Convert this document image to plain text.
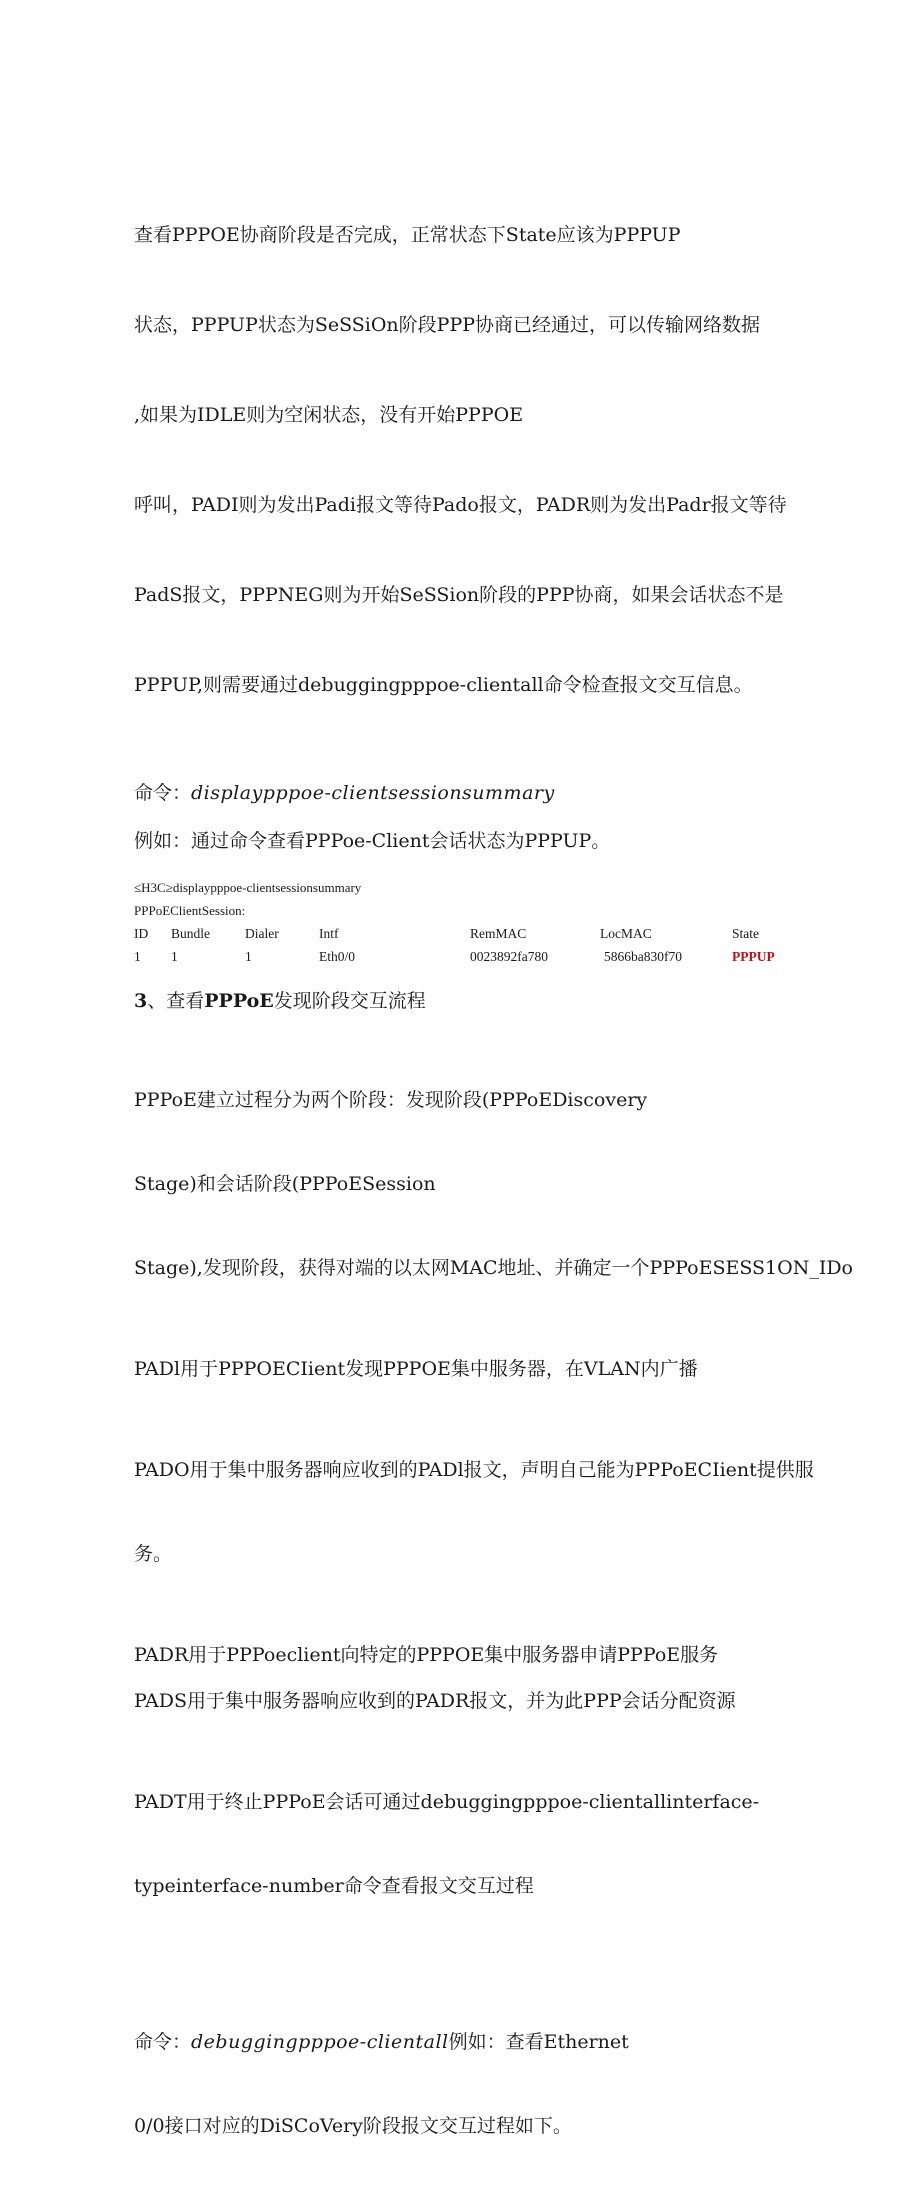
查看PPPOE协商阶段是否完成，正常状态下State应该为PPPUP

状态，PPPUP状态为SeSSiOn阶段PPP协商已经通过，可以传输网络数据

,如果为IDLE则为空闲状态，没有开始PPPOE

呼叫，PADI则为发出Padi报文等待Pado报文，PADR则为发出Padr报文等待

PadS报文，PPPNEG则为开始SeSSion阶段的PPP协商，如果会话状态不是

PPPUP,则需要通过debuggingpppoe-clientall命令检查报文交互信息。

命令：displaypppoe-clientsessionsummary

例如：通过命令查看PPPoe-Client会话状态为PPPUP。

≤H3C≥displaypppoe-clientsessionsummary
PPPoEClientSession:
ID	Bundle	Dialer	Intf	RemMAC	LocMAC	State
1	1	1	Eth0/0	0023892fa780	5866ba830f70	PPPUP

3、查看PPPoE发现阶段交互流程

PPPoE建立过程分为两个阶段：发现阶段(PPPoEDiscovery

Stage)和会话阶段(PPPoESession

Stage),发现阶段，获得对端的以太网MAC地址、并确定一个PPPoESESS1ON_IDo

PADl用于PPPOECIient发现PPPOE集中服务器，在VLAN内广播

PADO用于集中服务器响应收到的PADl报文，声明自己能为PPPoECIient提供服

务。

PADR用于PPPoeclient向特定的PPPOE集中服务器申请PPPoE服务

PADS用于集中服务器响应收到的PADR报文，并为此PPP会话分配资源

PADT用于终止PPPoE会话可通过debuggingpppoe-clientallinterface-

typeinterface-number命令查看报文交互过程

命令：debuggingpppoe-clientall例如：查看Ethernet

0/0接口对应的DiSCoVery阶段报文交互过程如下。
